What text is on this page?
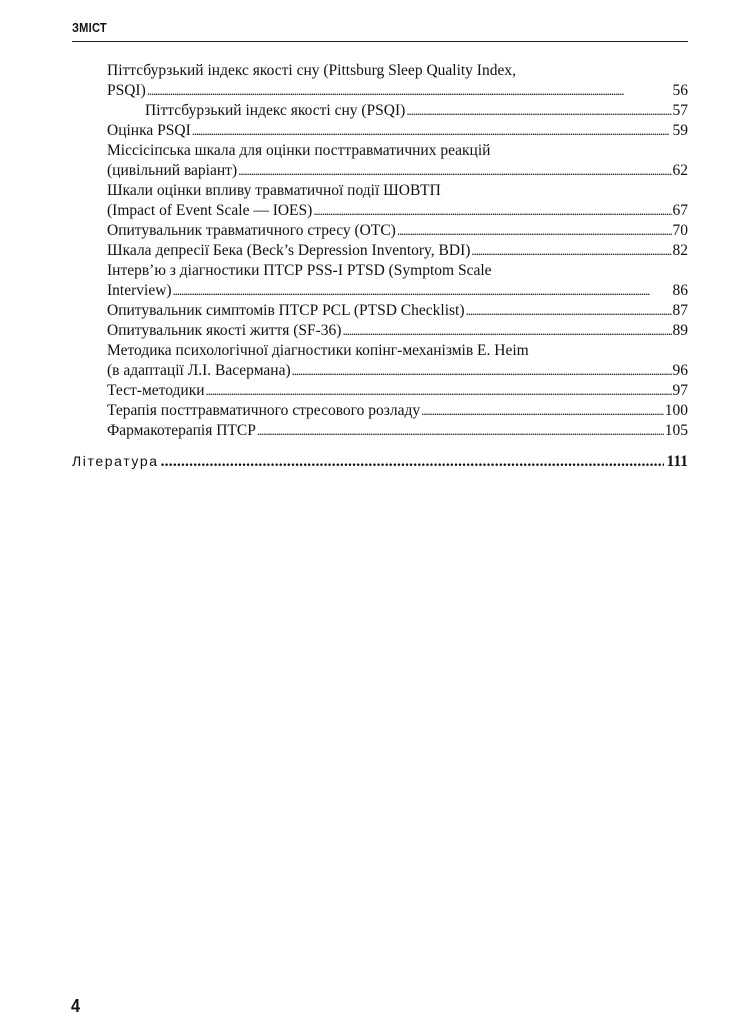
ЗМІСТ
Піттсбурзький індекс якості сну (Pittsburg Sleep Quality Index,
PSQI) . . .	56
Піттсбурзький індекс якості сну (PSQI) . . .	57
Оцінка PSQI . . .	59
Міссісіпська шкала для оцінки посттравматичних реакцій
(цивільний варіант) . . .	62
Шкали оцінки впливу травматичної події ШОВТП
(Impact of Event Scale — IOES) . . .	67
Опитувальник травматичного стресу (ОТС) . . .	70
Шкала депресії Бека (Beck’s Depression Inventory, BDI) . . .	82
Інтерв’ю з діагностики ПТСР PSS-I PTSD (Symptom Scale
Interview) . . .	86
Опитувальник симптомів ПТСР PCL (PTSD Checklist) . . .	87
Опитувальник якості життя (SF-36) . . .	89
Методика психологічної діагностики копінг-механізмів Е. Heim
(в адаптації Л.І. Васермана) . . .	96
Тест-методики . . .	97
Терапія посттравматичного стресового розладу . . .	100
Фармакотерапія ПТСР . . .	105
Література .....	111
4
